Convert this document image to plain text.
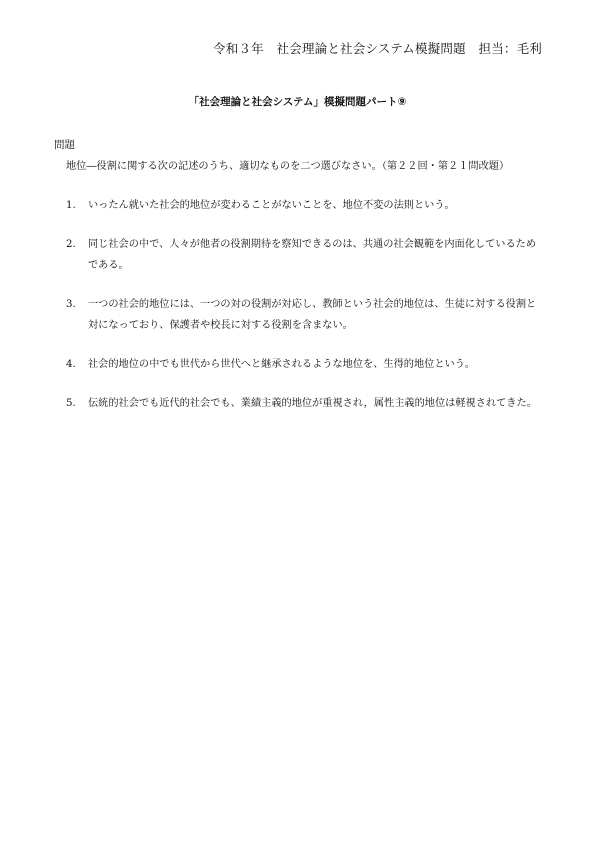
令和３年　社会理論と社会システム模擬問題　担当：毛利
「社会理論と社会システム」模擬問題パート⑨
問題
地位―役割に関する次の記述のうち、適切なものを二つ選びなさい。（第２２回・第２１問改題）
1.	いったん就いた社会的地位が変わることがないことを、地位不変の法則という。
2.	同じ社会の中で、人々が他者の役割期待を察知できるのは、共通の社会観範を内面化しているためである。
3.	一つの社会的地位には、一つの対の役割が対応し、教師という社会的地位は、生徒に対する役割と対になっており、保護者や校長に対する役割を含まない。
4.	社会的地位の中でも世代から世代へと継承されるような地位を、生得的地位という。
5.	伝統的社会でも近代的社会でも、業績主義的地位が重視され，属性主義的地位は軽視されてきた。
